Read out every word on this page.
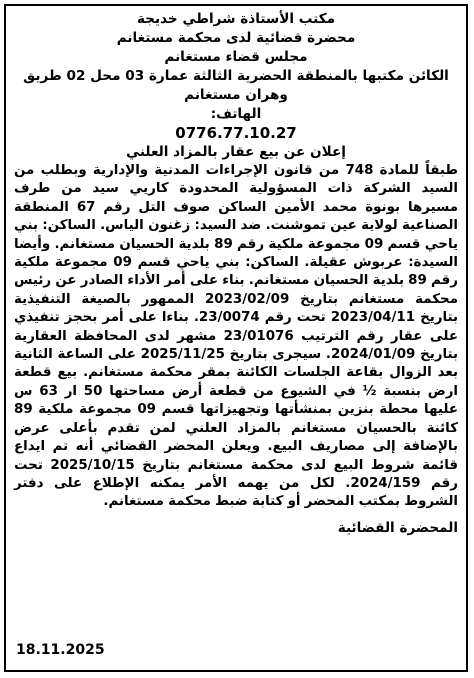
مكتب الأستاذة شراطي خديجة

محضرة قضائية لدى محكمة مستغانم

مجلس قضاء مستغانم

الكائن مكتبها بالمنطقة الحضرية الثالثة عمارة 03 محل 02 طريق وهران مستغانم

الهاتف:

0776.77.10.27

إعلان عن بيع عقار بالمزاد العلني

طبقاً للمادة 748 من قانون الإجراءات المدنية والإدارية وبطلب من السيد الشركة ذات المسؤولية المحدودة كاريي سيد من طرف مسيرها بونوة محمد الأمين الساكن صوف التل رقم 67 المنطقة الصناعية لولاية عين تموشنت. ضد السيد: زغنون الياس. الساكن: بني ياحي قسم 09 مجموعة ملكية رقم 89 بلدية الحسيان مستغانم. وأيضا السيدة: عربوش عقيلة. الساكن: بني ياحي قسم 09 مجموعة ملكية رقم 89 بلدية الحسيان مستغانم. بناء على أمر الأداء الصادر عن رئيس محكمة مستغانم بتاريخ 2023/02/09 الممهور بالصيغة التنفيذية بتاريخ 2023/04/11 تحت رقم 23/0074. بناءا على أمر بحجز تنفيذي على عقار رقم الترتيب 23/01076 مشهر لدى المحافظة العقارية بتاريخ 2024/01/09. سيجرى بتاريخ 2025/11/25 على الساعة الثانية بعد الزوال بقاعة الجلسات الكائنة بمقر محكمة مستغانم. بيع قطعة ارض بنسبة ½ في الشيوع من قطعة أرض مساحتها 50 ار 63 س عليها محطة بنزين بمنشأتها وتجهيزاتها قسم 09 مجموعة ملكية 89 كائنة بالحسيان مستغانم بالمزاد العلني لمن تقدم بأعلى عرض بالإضافة إلى مصاريف البيع. ويعلن المحضر القضائي أنه تم ايداع قائمة شروط البيع لدى محكمة مستغانم بتاريخ 2025/10/15 تحت رقم 2024/159. لكل من يهمه الأمر يمكنه الإطلاع على دفتر الشروط بمكتب المحضر أو كتابة ضبط محكمة مستغانم.

المحضرة القضائية
18.11.2025
